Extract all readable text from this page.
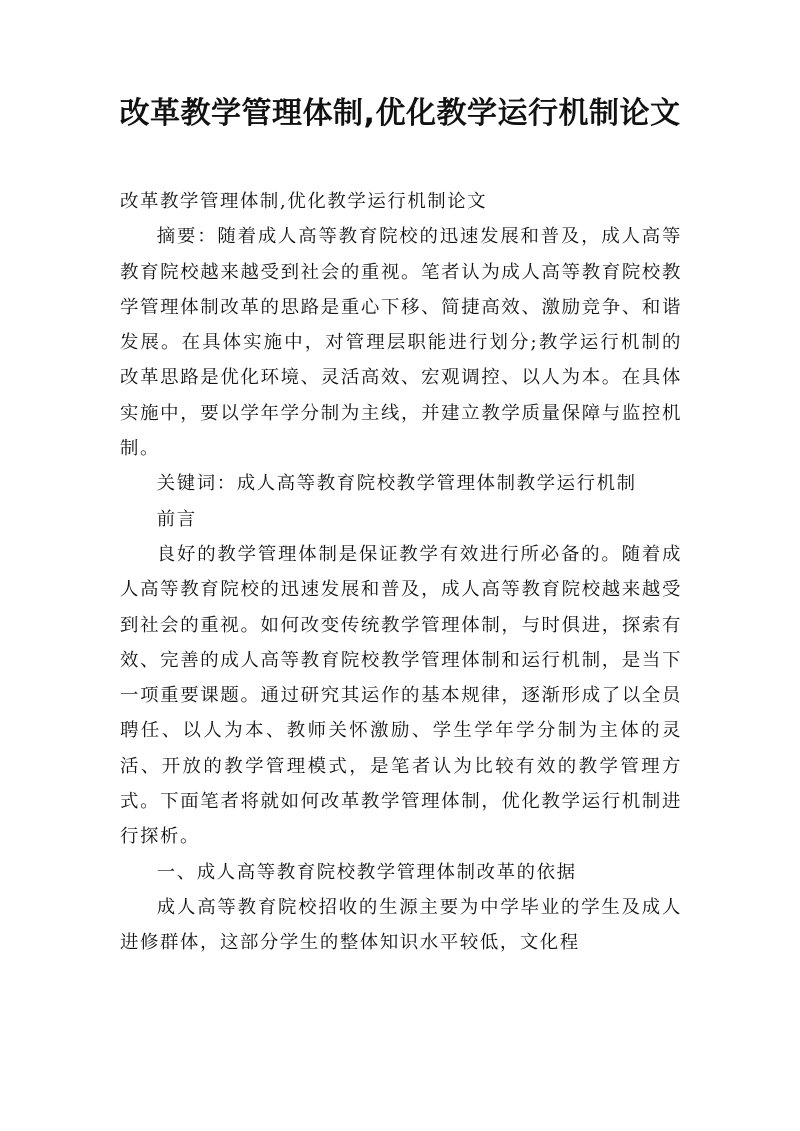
改革教学管理体制,优化教学运行机制论文

改革教学管理体制,优化教学运行机制论文

摘要：随着成人高等教育院校的迅速发展和普及，成人高等教育院校越来越受到社会的重视。笔者认为成人高等教育院校教学管理体制改革的思路是重心下移、简捷高效、激励竞争、和谐发展。在具体实施中，对管理层职能进行划分;教学运行机制的改革思路是优化环境、灵活高效、宏观调控、以人为本。在具体实施中，要以学年学分制为主线，并建立教学质量保障与监控机制。

关键词：成人高等教育院校教学管理体制教学运行机制

前言

良好的教学管理体制是保证教学有效进行所必备的。随着成人高等教育院校的迅速发展和普及，成人高等教育院校越来越受到社会的重视。如何改变传统教学管理体制，与时俱进，探索有效、完善的成人高等教育院校教学管理体制和运行机制，是当下一项重要课题。通过研究其运作的基本规律，逐渐形成了以全员聘任、以人为本、教师关怀激励、学生学年学分制为主体的灵活、开放的教学管理模式，是笔者认为比较有效的教学管理方式。下面笔者将就如何改革教学管理体制，优化教学运行机制进行探析。

一、成人高等教育院校教学管理体制改革的依据

成人高等教育院校招收的生源主要为中学毕业的学生及成人进修群体，这部分学生的整体知识水平较低，文化程
